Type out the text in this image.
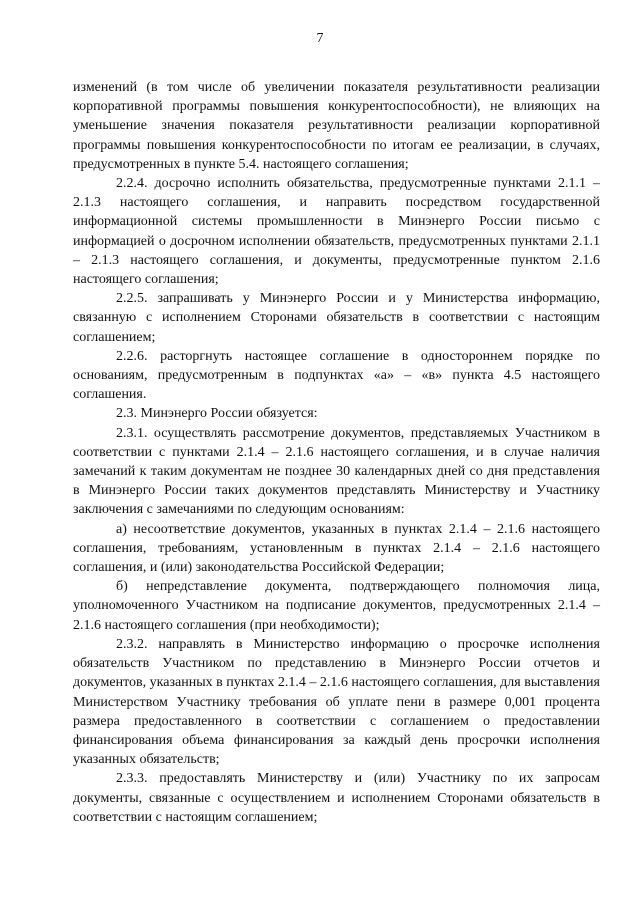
7

изменений (в том числе об увеличении показателя результативности реализации корпоративной программы повышения конкурентоспособности), не влияющих на уменьшение значения показателя результативности реализации корпоративной программы повышения конкурентоспособности по итогам ее реализации, в случаях, предусмотренных в пункте 5.4. настоящего соглашения;

2.2.4. досрочно исполнить обязательства, предусмотренные пунктами 2.1.1 – 2.1.3 настоящего соглашения, и направить посредством государственной информационной системы промышленности в Минэнерго России письмо с информацией о досрочном исполнении обязательств, предусмотренных пунктами 2.1.1 – 2.1.3 настоящего соглашения, и документы, предусмотренные пунктом 2.1.6 настоящего соглашения;

2.2.5. запрашивать у Минэнерго России и у Министерства информацию, связанную с исполнением Сторонами обязательств в соответствии с настоящим соглашением;

2.2.6. расторгнуть настоящее соглашение в одностороннем порядке по основаниям, предусмотренным в подпунктах «а» – «в» пункта 4.5 настоящего соглашения.

2.3. Минэнерго России обязуется:

2.3.1. осуществлять рассмотрение документов, представляемых Участником в соответствии с пунктами 2.1.4 – 2.1.6 настоящего соглашения, и в случае наличия замечаний к таким документам не позднее 30 календарных дней со дня представления в Минэнерго России таких документов представлять Министерству и Участнику заключения с замечаниями по следующим основаниям:

а) несоответствие документов, указанных в пунктах 2.1.4 – 2.1.6 настоящего соглашения, требованиям, установленным в пунктах 2.1.4 – 2.1.6 настоящего соглашения, и (или) законодательства Российской Федерации;

б) непредставление документа, подтверждающего полномочия лица, уполномоченного Участником на подписание документов, предусмотренных 2.1.4 – 2.1.6 настоящего соглашения (при необходимости);

2.3.2. направлять в Министерство информацию о просрочке исполнения обязательств Участником по представлению в Минэнерго России отчетов и документов, указанных в пунктах 2.1.4 – 2.1.6 настоящего соглашения, для выставления Министерством Участнику требования об уплате пени в размере 0,001 процента размера предоставленного в соответствии с соглашением о предоставлении финансирования объема финансирования за каждый день просрочки исполнения указанных обязательств;

2.3.3. предоставлять Министерству и (или) Участнику по их запросам документы, связанные с осуществлением и исполнением Сторонами обязательств в соответствии с настоящим соглашением;
